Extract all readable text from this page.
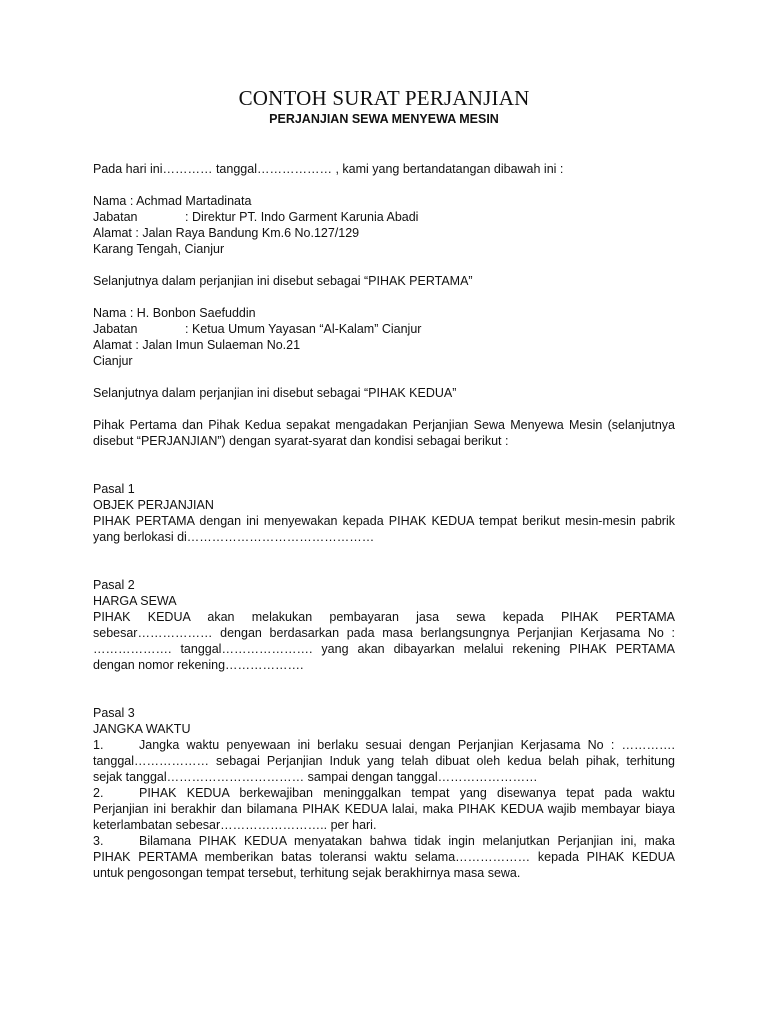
CONTOH SURAT PERJANJIAN
PERJANJIAN SEWA MENYEWA MESIN
Pada hari ini………… tanggal……………… , kami yang bertandatangan dibawah ini :
Nama : Achmad Martadinata
Jabatan	: Direktur PT. Indo Garment Karunia Abadi
Alamat : Jalan Raya Bandung Km.6 No.127/129
Karang Tengah, Cianjur
Selanjutnya dalam perjanjian ini disebut sebagai “PIHAK PERTAMA”
Nama : H. Bonbon Saefuddin
Jabatan	: Ketua Umum Yayasan “Al-Kalam” Cianjur
Alamat : Jalan Imun Sulaeman No.21
Cianjur
Selanjutnya dalam perjanjian ini disebut sebagai “PIHAK KEDUA”
Pihak Pertama dan Pihak Kedua sepakat mengadakan Perjanjian Sewa Menyewa Mesin (selanjutnya
disebut “PERJANJIAN”) dengan syarat-syarat dan kondisi sebagai berikut :
Pasal 1
OBJEK PERJANJIAN
PIHAK PERTAMA dengan ini menyewakan kepada PIHAK KEDUA tempat berikut mesin-mesin pabrik
yang berlokasi di………………………………………
Pasal 2
HARGA SEWA
PIHAK KEDUA akan melakukan pembayaran jasa sewa kepada PIHAK PERTAMA
sebesar……………… dengan berdasarkan pada masa berlangsungnya Perjanjian Kerjasama No :
………………. tanggal…………………. yang akan dibayarkan melalui rekening PIHAK PERTAMA
dengan nomor rekening……………….
Pasal 3
JANGKA WAKTU
1.	Jangka waktu penyewaan ini berlaku sesuai dengan Perjanjian Kerjasama No : ………….
tanggal……………… sebagai Perjanjian Induk yang telah dibuat oleh kedua belah pihak, terhitung
sejak tanggal…………………………… sampai dengan tanggal……………………
2.	PIHAK KEDUA berkewajiban meninggalkan tempat yang disewanya tepat pada waktu
Perjanjian ini berakhir dan bilamana PIHAK KEDUA lalai, maka PIHAK KEDUA wajib membayar biaya
keterlambatan sebesar…………………….. per hari.
3.	Bilamana PIHAK KEDUA menyatakan bahwa tidak ingin melanjutkan Perjanjian ini, maka
PIHAK PERTAMA memberikan batas toleransi waktu selama……………… kepada PIHAK KEDUA
untuk pengosongan tempat tersebut, terhitung sejak berakhirnya masa sewa.
